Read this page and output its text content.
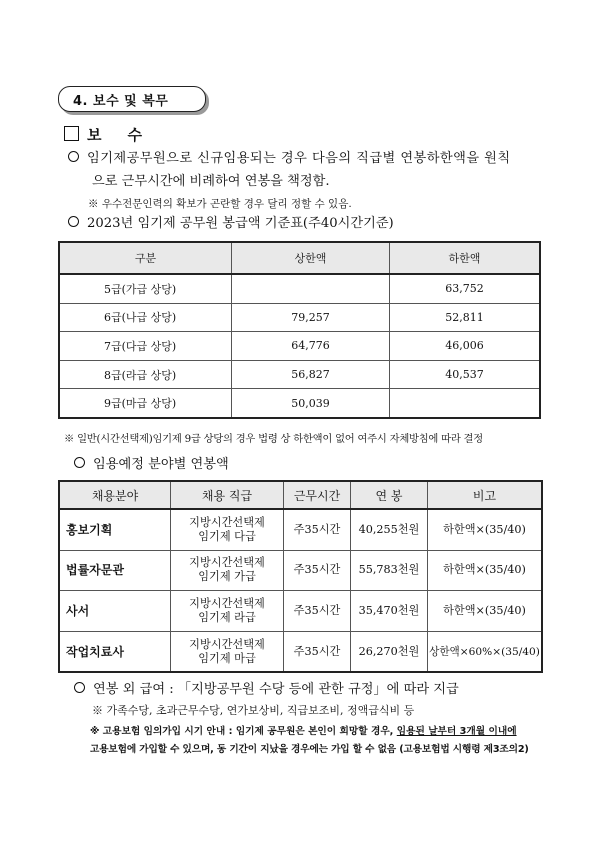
4. 보수 및 복무
보수
임기제공무원으로 신규임용되는 경우 다음의 직급별 연봉하한액을 원칙
으로 근무시간에 비례하여 연봉을 책정함.
※ 우수전문인력의 확보가 곤란할 경우 달리 정할 수 있음.
2023년 임기제 공무원 봉급액 기준표(주40시간기준)
구분	상한액	하한액
5급(가급 상당)		63,752
6급(나급 상당)	79,257	52,811
7급(다급 상당)	64,776	46,006
8급(라급 상당)	56,827	40,537
9급(마급 상당)	50,039	
※ 일반(시간선택제)임기제 9급 상당의 경우 법령 상 하한액이 없어 여주시 자체방침에 따라 결정
임용예정 분야별 연봉액
채용분야	채용 직급	근무시간	연 봉	비고
홍보기획	지방시간선택제
임기제 다급	주35시간	40,255천원	하한액×(35/40)
법률자문관	지방시간선택제
임기제 가급	주35시간	55,783천원	하한액×(35/40)
사서	지방시간선택제
임기제 라급	주35시간	35,470천원	하한액×(35/40)
작업치료사	지방시간선택제
임기제 마급	주35시간	26,270천원	상한액×60%×(35/40)
연봉 외 급여 : 「지방공무원 수당 등에 관한 규정」에 따라 지급
※ 가족수당, 초과근무수당, 연가보상비, 직급보조비, 정액급식비 등
※ 고용보험 임의가입 시기 안내 : 임기제 공무원은 본인이 희망할 경우, 임용된 날부터 3개월 이내에
고용보험에 가입할 수 있으며, 동 기간이 지났을 경우에는 가입 할 수 없음 (고용보험법 시행령 제3조의2)
